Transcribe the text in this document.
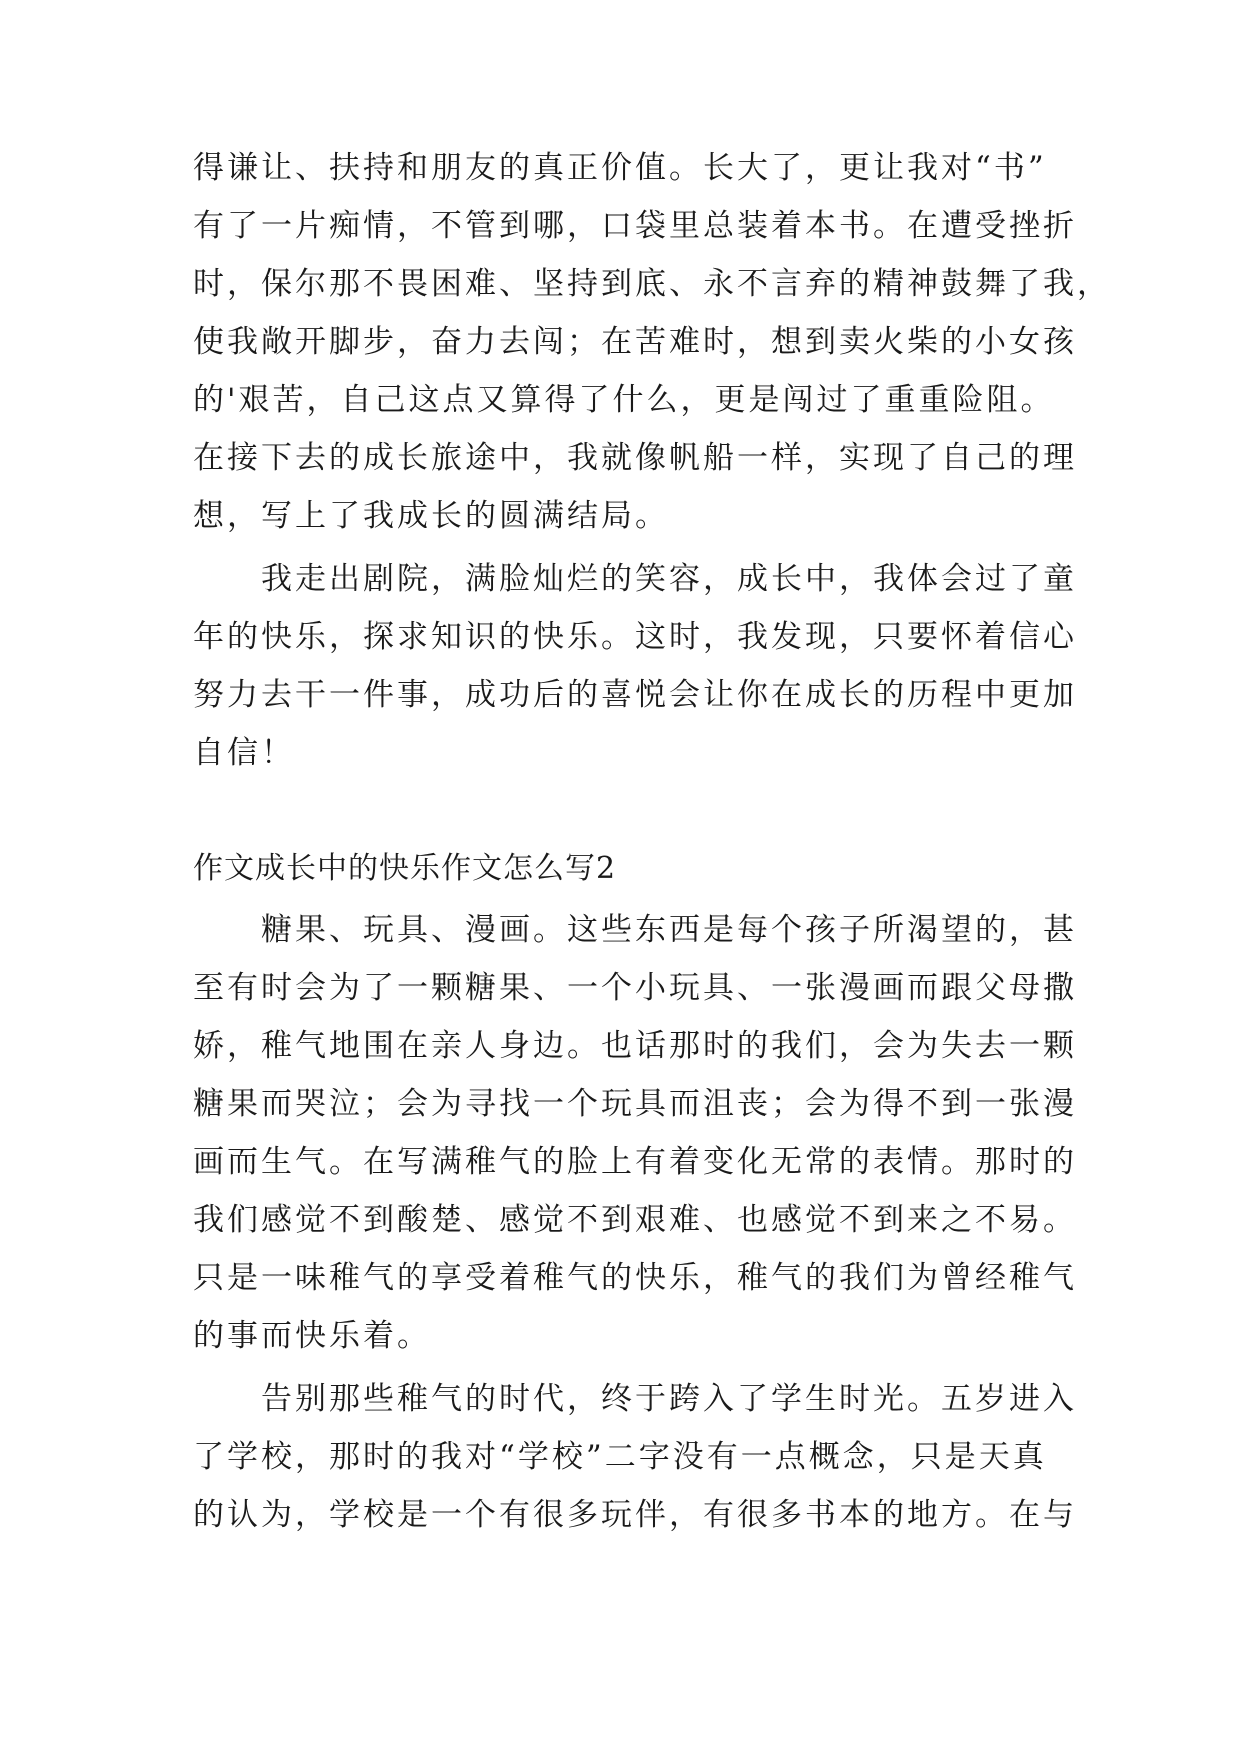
得谦让、扶持和朋友的真正价值。长大了，更让我对“书”
有了一片痴情，不管到哪，口袋里总装着本书。在遭受挫折
时，保尔那不畏困难、坚持到底、永不言弃的精神鼓舞了我，
使我敞开脚步，奋力去闯；在苦难时，想到卖火柴的小女孩
的'艰苦，自己这点又算得了什么，更是闯过了重重险阻。
在接下去的成长旅途中，我就像帆船一样，实现了自己的理
想，写上了我成长的圆满结局。
　　我走出剧院，满脸灿烂的笑容，成长中，我体会过了童
年的快乐，探求知识的快乐。这时，我发现，只要怀着信心
努力去干一件事，成功后的喜悦会让你在成长的历程中更加
自信！
作文成长中的快乐作文怎么写2
　　糖果、玩具、漫画。这些东西是每个孩子所渴望的，甚
至有时会为了一颗糖果、一个小玩具、一张漫画而跟父母撒
娇，稚气地围在亲人身边。也话那时的我们，会为失去一颗
糖果而哭泣；会为寻找一个玩具而沮丧；会为得不到一张漫
画而生气。在写满稚气的脸上有着变化无常的表情。那时的
我们感觉不到酸楚、感觉不到艰难、也感觉不到来之不易。
只是一味稚气的享受着稚气的快乐，稚气的我们为曾经稚气
的事而快乐着。
　　告别那些稚气的时代，终于跨入了学生时光。五岁进入
了学校，那时的我对“学校”二字没有一点概念，只是天真
的认为，学校是一个有很多玩伴，有很多书本的地方。在与
